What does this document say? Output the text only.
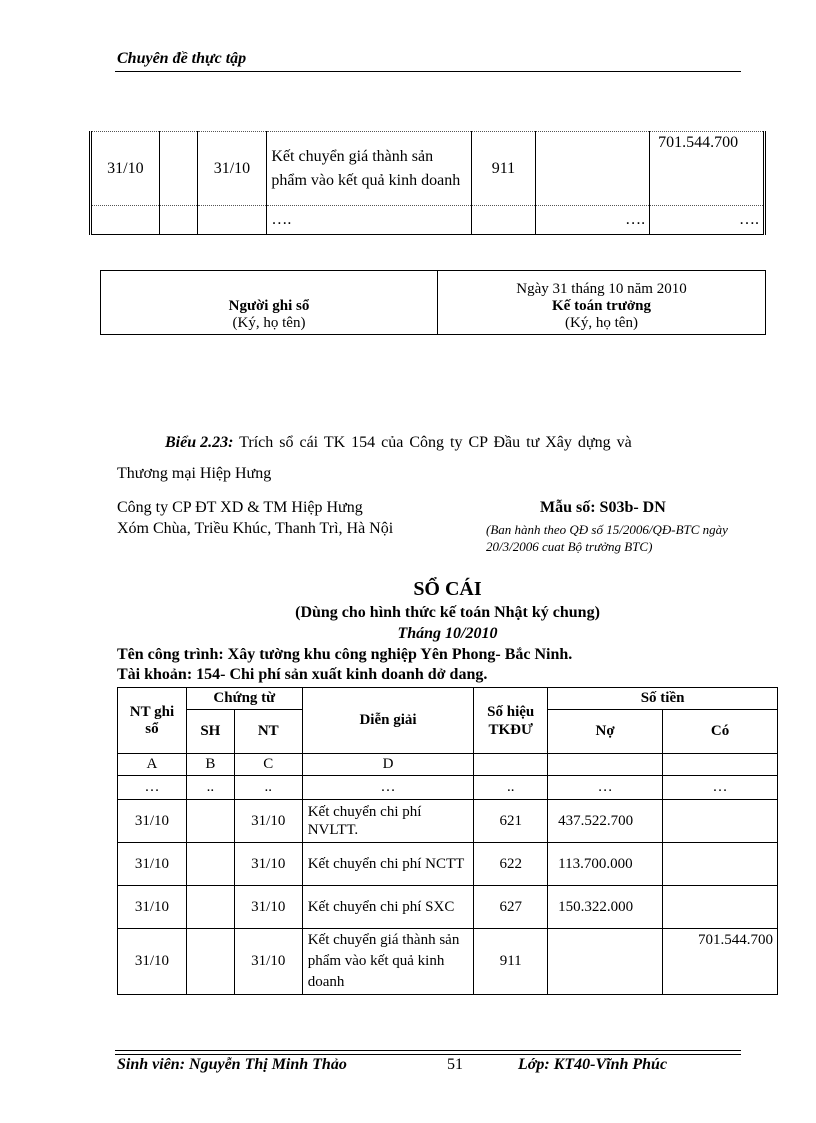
Chuyên đề thực tập
31/10		31/10	Kết chuyển giá thành sản phẩm vào kết quả kinh doanh	911		701.544.700
			….		….	….
Người ghi sổ
(Ký, họ tên)

Ngày 31 tháng 10 năm 2010
Kế toán trưởng
(Ký, họ tên)
Biểu 2.23: Trích sổ cái TK 154 của Công ty CP Đầu tư Xây dựng và
Thương mại Hiệp Hưng
Công ty CP ĐT XD & TM Hiệp Hưng
Xóm Chùa, Triều Khúc, Thanh Trì, Hà Nội
Mẫu số: S03b- DN
(Ban hành theo QĐ số 15/2006/QĐ-BTC ngày 20/3/2006 cuat Bộ trưởng BTC)
SỔ CÁI
(Dùng cho hình thức kế toán Nhật ký chung)
Tháng 10/2010
Tên công trình: Xây tường khu công nghiệp Yên Phong- Bắc Ninh.
Tài khoản: 154- Chi phí sản xuất kinh doanh dở dang.
NT ghi sổ	Chứng từ		Diễn giải	Số hiệu TKĐƯ	Số tiền	
	SH	NT			Nợ	Có
A	B	C	D			
…	..	..	…	..	…	…
31/10		31/10	Kết chuyển chi phí NVLTT.	621	437.522.700	
31/10		31/10	Kết chuyển chi phí NCTT	622	113.700.000	
31/10		31/10	Kết chuyển chi phí SXC	627	150.322.000	
31/10		31/10	Kết chuyển giá thành sản phẩm vào kết quả kinh doanh	911		701.544.700
Sinh viên: Nguyễn Thị Minh Thảo	51	Lớp: KT40-Vĩnh Phúc
